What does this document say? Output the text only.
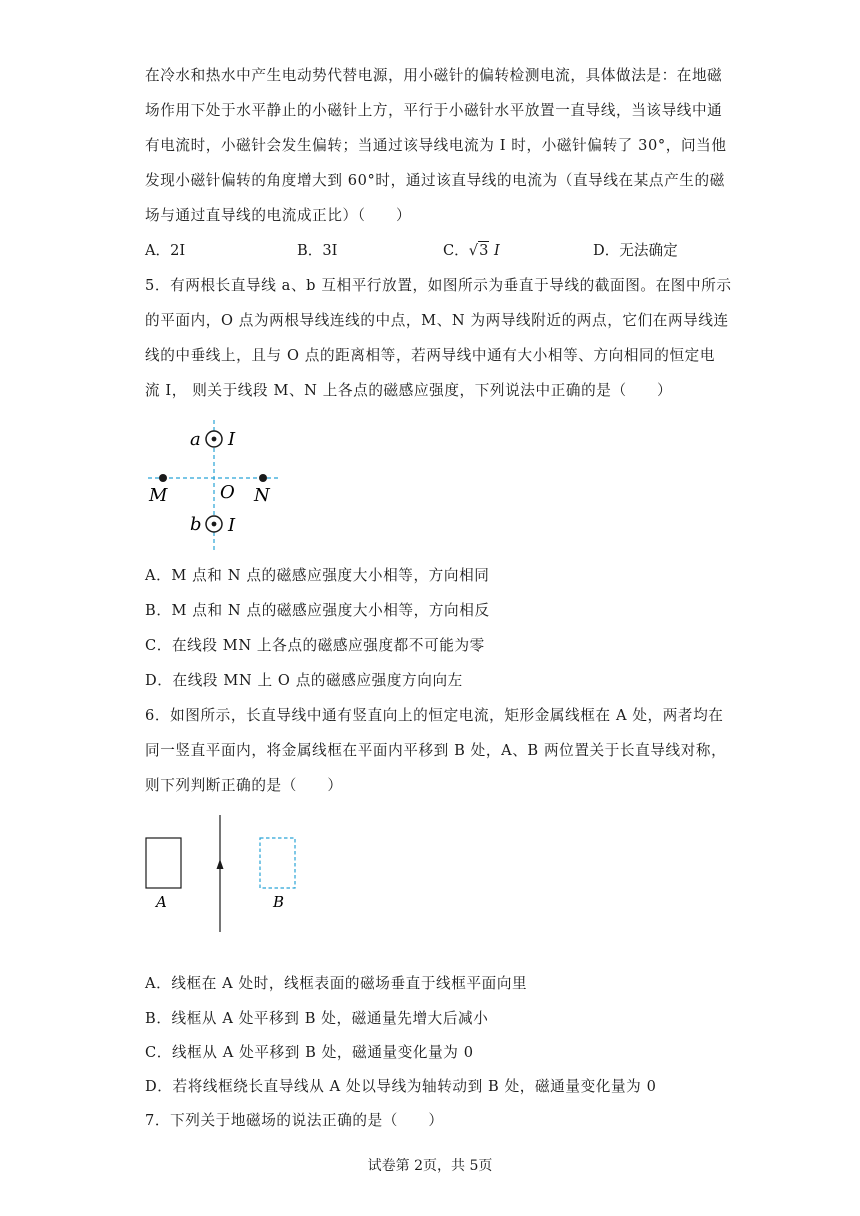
在冷水和热水中产生电动势代替电源，用小磁针的偏转检测电流，具体做法是：在地磁
场作用下处于水平静止的小磁针上方，平行于小磁针水平放置一直导线，当该导线中通
有电流时，小磁针会发生偏转；当通过该导线电流为 I 时，小磁针偏转了 30°，问当他
发现小磁针偏转的角度增大到 60°时，通过该直导线的电流为（直导线在某点产生的磁
场与通过直导线的电流成正比）（　　）
A．2I	B．3I	C．√3 I	D．无法确定
5．有两根长直导线 a、b 互相平行放置，如图所示为垂直于导线的截面图。在图中所示
的平面内，O 点为两根导线连线的中点，M、N 为两导线附近的两点，它们在两导线连
线的中垂线上，且与 O 点的距离相等，若两导线中通有大小相等、方向相同的恒定电
流 I， 则关于线段 M、N 上各点的磁感应强度，下列说法中正确的是（　　）
a I
b I
M	O N
A．M 点和 N 点的磁感应强度大小相等，方向相同
B．M 点和 N 点的磁感应强度大小相等，方向相反
C．在线段 MN 上各点的磁感应强度都不可能为零
D．在线段 MN 上 O 点的磁感应强度方向向左
6．如图所示，长直导线中通有竖直向上的恒定电流，矩形金属线框在 A 处，两者均在
同一竖直平面内，将金属线框在平面内平移到 B 处，A、B 两位置关于长直导线对称，
则下列判断正确的是（　　）
A	B
A．线框在 A 处时，线框表面的磁场垂直于线框平面向里
B．线框从 A 处平移到 B 处，磁通量先增大后减小
C．线框从 A 处平移到 B 处，磁通量变化量为 0
D．若将线框绕长直导线从 A 处以导线为轴转动到 B 处，磁通量变化量为 0
7．下列关于地磁场的说法正确的是（　　）
试卷第 2页，共 5页
